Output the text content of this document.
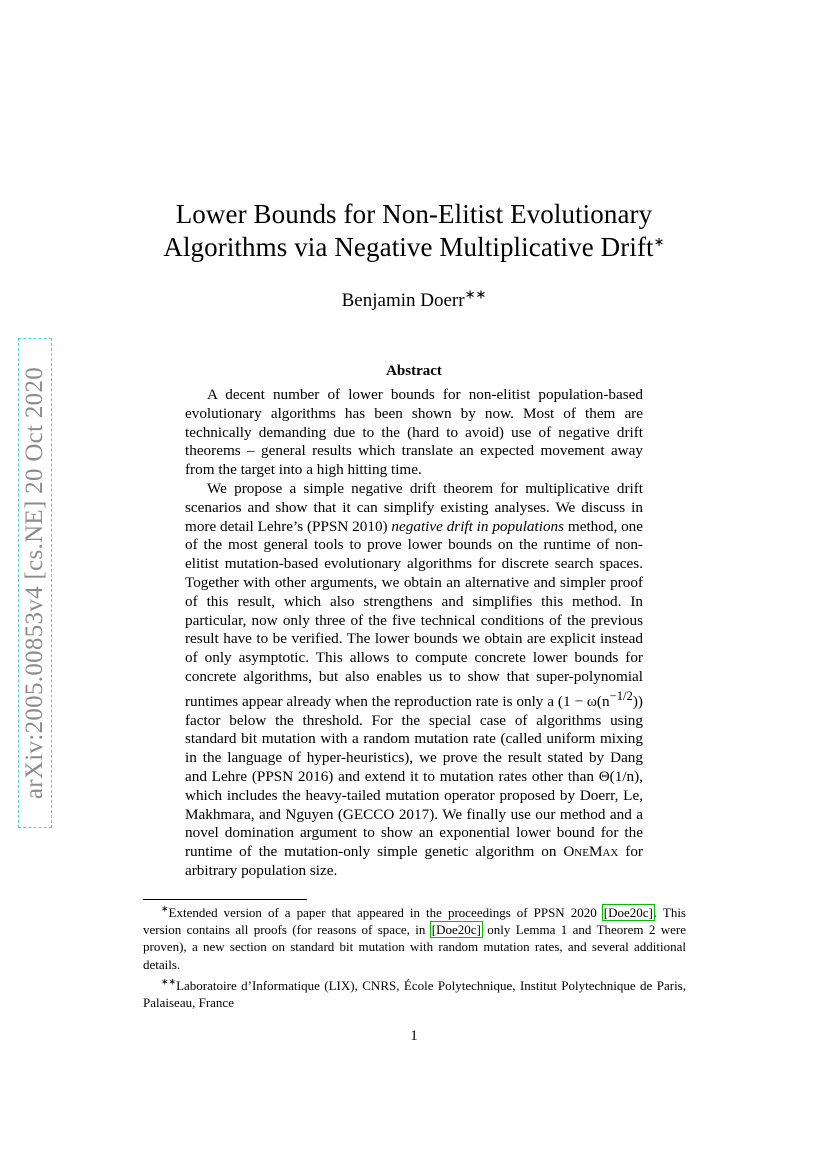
arXiv:2005.00853v4 [cs.NE] 20 Oct 2020
Lower Bounds for Non-Elitist Evolutionary
Algorithms via Negative Multiplicative Drift∗
Benjamin Doerr∗∗
Abstract

A decent number of lower bounds for non-elitist population-based evolutionary algorithms has been shown by now. Most of them are technically demanding due to the (hard to avoid) use of negative drift theorems – general results which translate an expected movement away from the target into a high hitting time.

We propose a simple negative drift theorem for multiplicative drift scenarios and show that it can simplify existing analyses. We discuss in more detail Lehre’s (PPSN 2010) negative drift in populations method, one of the most general tools to prove lower bounds on the runtime of non-elitist mutation-based evolutionary algorithms for discrete search spaces. Together with other arguments, we obtain an alternative and simpler proof of this result, which also strengthens and simplifies this method. In particular, now only three of the five technical conditions of the previous result have to be verified. The lower bounds we obtain are explicit instead of only asymptotic. This allows to compute concrete lower bounds for concrete algorithms, but also enables us to show that super-polynomial runtimes appear already when the reproduction rate is only a $(1 - \omega(n^{-1/2}))$ factor below the threshold. For the special case of algorithms using standard bit mutation with a random mutation rate (called uniform mixing in the language of hyper-heuristics), we prove the result stated by Dang and Lehre (PPSN 2016) and extend it to mutation rates other than Θ(1/n), which includes the heavy-tailed mutation operator proposed by Doerr, Le, Makhmara, and Nguyen (GECCO 2017). We finally use our method and a novel domination argument to show an exponential lower bound for the runtime of the mutation-only simple genetic algorithm on OneMax for arbitrary population size.

∗Extended version of a paper that appeared in the proceedings of PPSN 2020 [Doe20c]. This version contains all proofs (for reasons of space, in [Doe20c] only Lemma 1 and Theorem 2 were proven), a new section on standard bit mutation with random mutation rates, and several additional details.

∗∗Laboratoire d’Informatique (LIX), CNRS, École Polytechnique, Institut Polytechnique de Paris, Palaiseau, France

1
